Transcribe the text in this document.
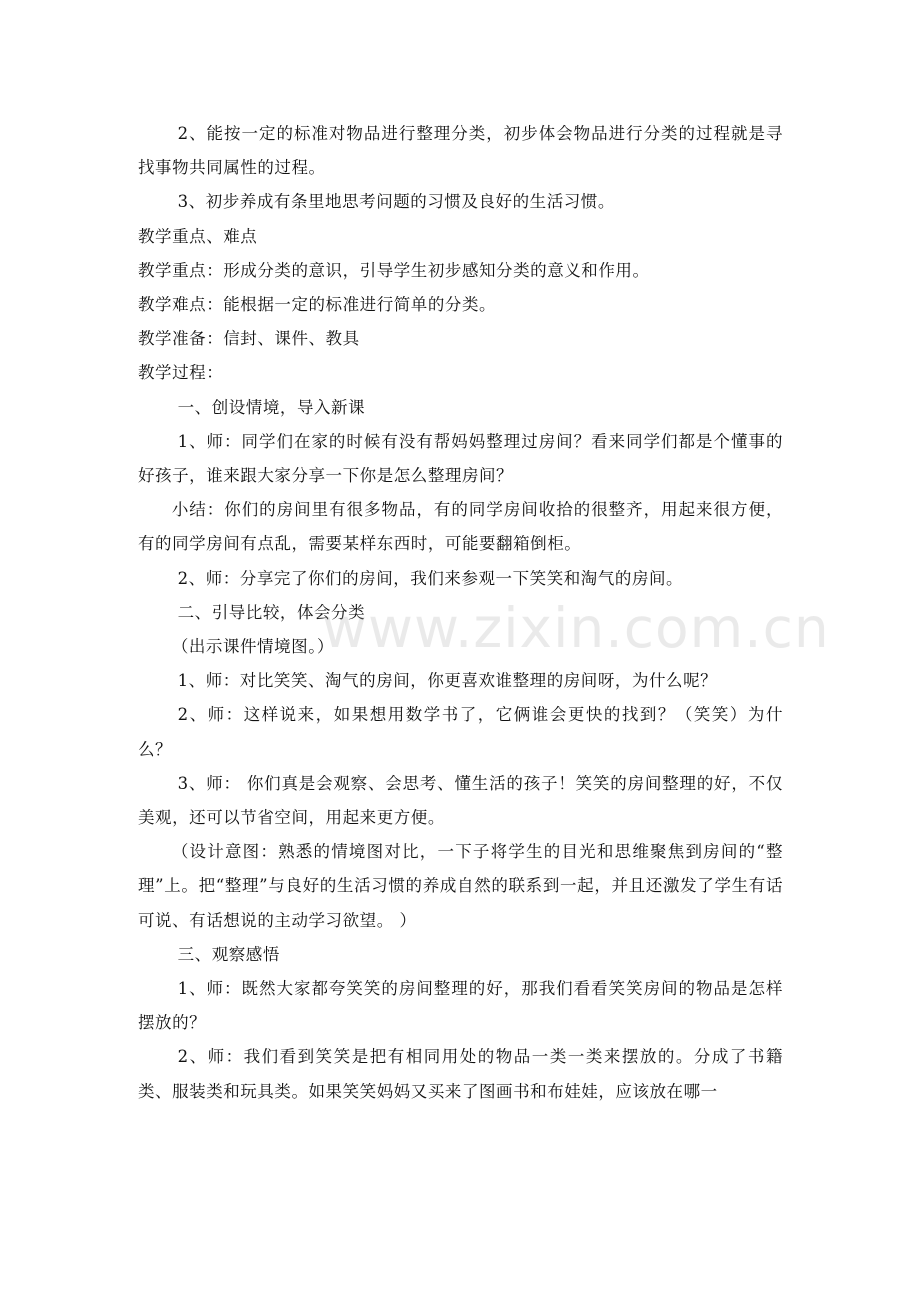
2、能按一定的标准对物品进行整理分类，初步体会物品进行分类的过程就是寻找事物共同属性的过程。

3、初步养成有条里地思考问题的习惯及良好的生活习惯。

教学重点、难点

教学重点：形成分类的意识，引导学生初步感知分类的意义和作用。

教学难点：能根据一定的标准进行简单的分类。

教学准备：信封、课件、教具

教学过程：

一、创设情境，导入新课

1、师：同学们在家的时候有没有帮妈妈整理过房间？看来同学们都是个懂事的好孩子，谁来跟大家分享一下你是怎么整理房间？

小结：你们的房间里有很多物品，有的同学房间收拾的很整齐，用起来很方便，有的同学房间有点乱，需要某样东西时，可能要翻箱倒柜。

2、师：分享完了你们的房间，我们来参观一下笑笑和淘气的房间。

二、引导比较，体会分类

（出示课件情境图。）

1、师：对比笑笑、淘气的房间，你更喜欢谁整理的房间呀，为什么呢？

2、师：这样说来，如果想用数学书了，它俩谁会更快的找到？（笑笑）为什么？

3、师： 你们真是会观察、会思考、懂生活的孩子！笑笑的房间整理的好，不仅美观，还可以节省空间，用起来更方便。

（设计意图：熟悉的情境图对比，一下子将学生的目光和思维聚焦到房间的“整理”上。把“整理”与良好的生活习惯的养成自然的联系到一起，并且还激发了学生有话可说、有话想说的主动学习欲望。 ）

三、观察感悟

1、师：既然大家都夸笑笑的房间整理的好，那我们看看笑笑房间的物品是怎样摆放的？

2、师：我们看到笑笑是把有相同用处的物品一类一类来摆放的。分成了书籍类、服装类和玩具类。如果笑笑妈妈又买来了图画书和布娃娃，应该放在哪一

www.zixin.com.cn
